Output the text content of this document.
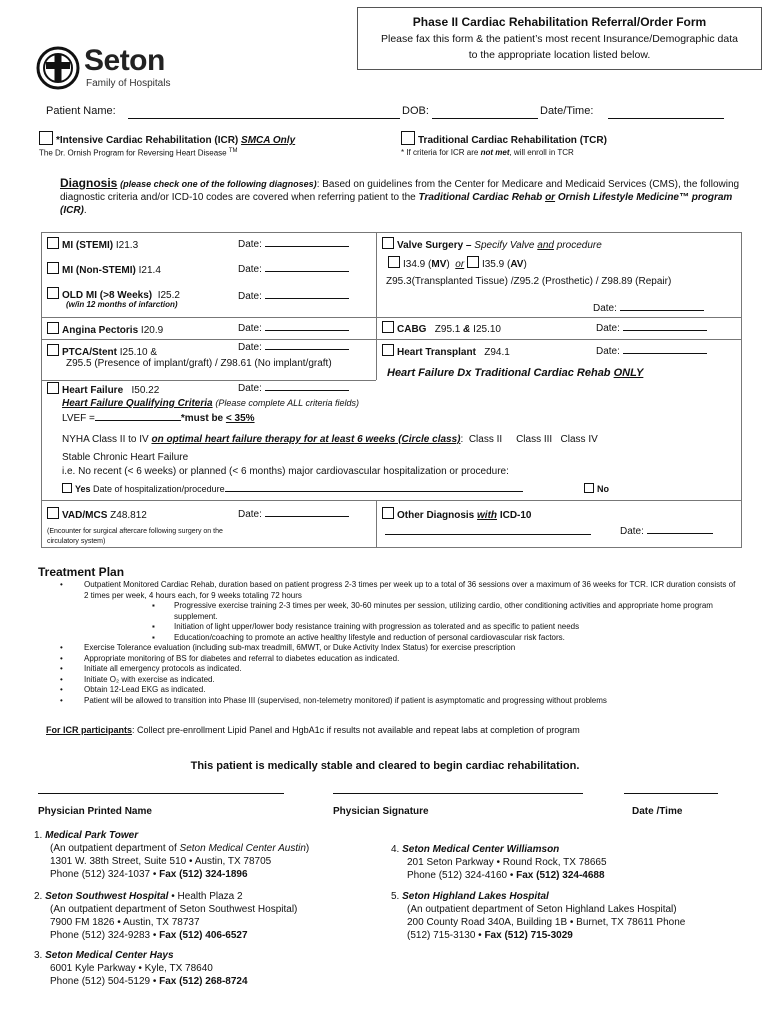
Phase II Cardiac Rehabilitation Referral/Order Form
Please fax this form & the patient’s most recent Insurance/Demographic data to the appropriate location listed below.
Seton
Family of Hospitals
Patient Name:	DOB:	Date/Time:
*Intensive Cardiac Rehabilitation (ICR) SMCA Only
The Dr. Ornish Program for Reversing Heart Disease ™
Traditional Cardiac Rehabilitation (TCR)
* If criteria for ICR are not met, will enroll in TCR
Diagnosis (please check one of the following diagnoses): Based on guidelines from the Center for Medicare and Medicaid Services (CMS), the following diagnostic criteria and/or ICD-10 codes are covered when referring patient to the Traditional Cardiac Rehab or Ornish Lifestyle Medicine™ program (ICR).
MI (STEMI) I21.3	Date:
MI (Non-STEMI) I21.4	Date:
OLD MI (>8 Weeks) I25.2
(w/in 12 months of infarction)
Date:
Angina Pectoris I20.9	Date:
PTCA/Stent I25.10 &	Date:
Z95.5 (Presence of implant/graft) / Z98.61 (No implant/graft)
Valve Surgery – Specify Valve and procedure
I34.9 (MV) or I35.9 (AV)
Z95.3(Transplanted Tissue) /Z95.2 (Prosthetic) / Z98.89 (Repair)
Date:
CABG Z95.1 & I25.10	Date:
Heart Transplant Z94.1	Date:
Heart Failure Dx Traditional Cardiac Rehab ONLY
Heart Failure I50.22	Date:
Heart Failure Qualifying Criteria (Please complete ALL criteria fields)
LVEF =	*must be < 35%
NYHA Class II to IV on optimal heart failure therapy for at least 6 weeks (Circle class): Class II Class III Class IV
Stable Chronic Heart Failure
i.e. No recent (< 6 weeks) or planned (< 6 months) major cardiovascular hospitalization or procedure:
Yes Date of hospitalization/procedure	No
VAD/MCS Z48.812	Date:
(Encounter for surgical aftercare following surgery on the circulatory system)
Other Diagnosis with ICD-10
Date:
Treatment Plan
• Outpatient Monitored Cardiac Rehab, duration based on patient progress 2-3 times per week up to a total of 36 sessions over a maximum of 36 weeks for TCR. ICR duration consists of 2 times per week, 4 hours each, for 9 weeks totaling 72 hours
▪ Progressive exercise training 2-3 times per week, 30-60 minutes per session, utilizing cardio, other conditioning activities and appropriate home program supplement.
▪ Initiation of light upper/lower body resistance training with progression as tolerated and as specific to patient needs
▪ Education/coaching to promote an active healthy lifestyle and reduction of personal cardiovascular risk factors.
• Exercise Tolerance evaluation (including sub-max treadmill, 6MWT, or Duke Activity Index Status) for exercise prescription
• Appropriate monitoring of BS for diabetes and referral to diabetes education as indicated.
• Initiate all emergency protocols as indicated.
• Initiate O₂ with exercise as indicated.
• Obtain 12-Lead EKG as indicated.
• Patient will be allowed to transition into Phase III (supervised, non-telemetry monitored) if patient is asymptomatic and progressing without problems
For ICR participants: Collect pre-enrollment Lipid Panel and HgbA1c if results not available and repeat labs at completion of program
This patient is medically stable and cleared to begin cardiac rehabilitation.
Physician Printed Name	Physician Signature	Date /Time
1. Medical Park Tower
(An outpatient department of Seton Medical Center Austin)
1301 W. 38th Street, Suite 510 • Austin, TX 78705
Phone (512) 324-1037 • Fax (512) 324-1896
2. Seton Southwest Hospital • Health Plaza 2
(An outpatient department of Seton Southwest Hospital)
7900 FM 1826 • Austin, TX 78737
Phone (512) 324-9283 • Fax (512) 406-6527
3. Seton Medical Center Hays
6001 Kyle Parkway • Kyle, TX 78640
Phone (512) 504-5129 • Fax (512) 268-8724
4. Seton Medical Center Williamson
201 Seton Parkway • Round Rock, TX 78665
Phone (512) 324-4160 • Fax (512) 324-4688
5. Seton Highland Lakes Hospital
(An outpatient department of Seton Highland Lakes Hospital)
200 County Road 340A, Building 1B • Burnet, TX 78611 Phone
(512) 715-3130 • Fax (512) 715-3029
